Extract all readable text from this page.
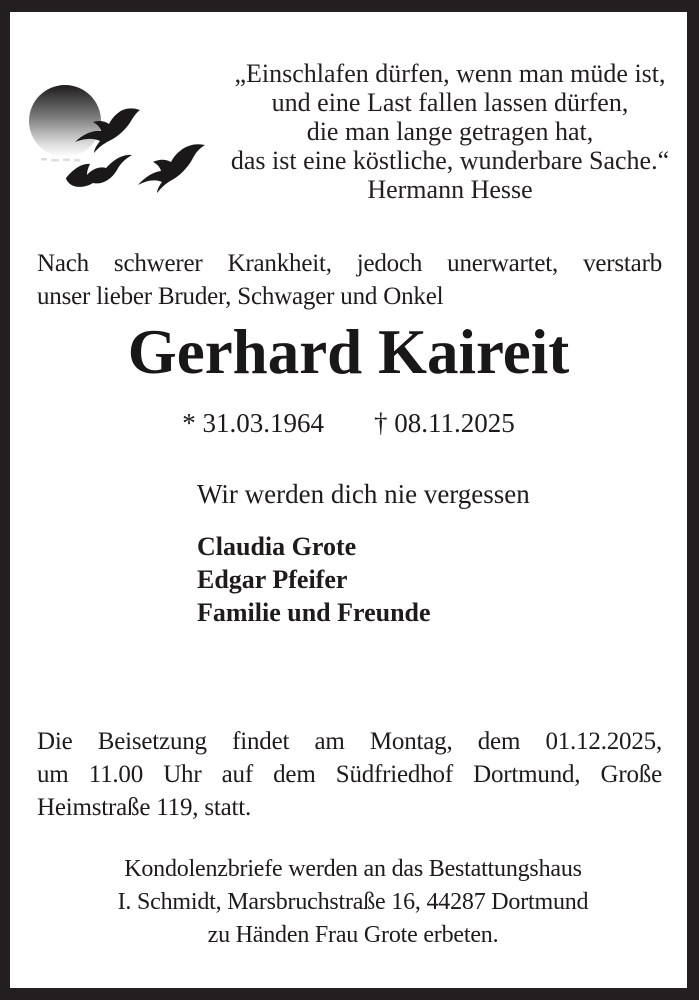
„Einschlafen dürfen, wenn man müde ist,
und eine Last fallen lassen dürfen,
die man lange getragen hat,
das ist eine köstliche, wunderbare Sache.“
Hermann Hesse
Nach schwerer Krankheit, jedoch unerwartet, verstarb
unser lieber Bruder, Schwager und Onkel
Gerhard Kaireit
* 31.03.1964 † 08.11.2025
Wir werden dich nie vergessen
Claudia Grote
Edgar Pfeifer
Familie und Freunde
Die Beisetzung findet am Montag, dem 01.12.2025,
um 11.00 Uhr auf dem Südfriedhof Dortmund, Große
Heimstraße 119, statt.
Kondolenzbriefe werden an das Bestattungshaus
I. Schmidt, Marsbruchstraße 16, 44287 Dortmund
zu Händen Frau Grote erbeten.
